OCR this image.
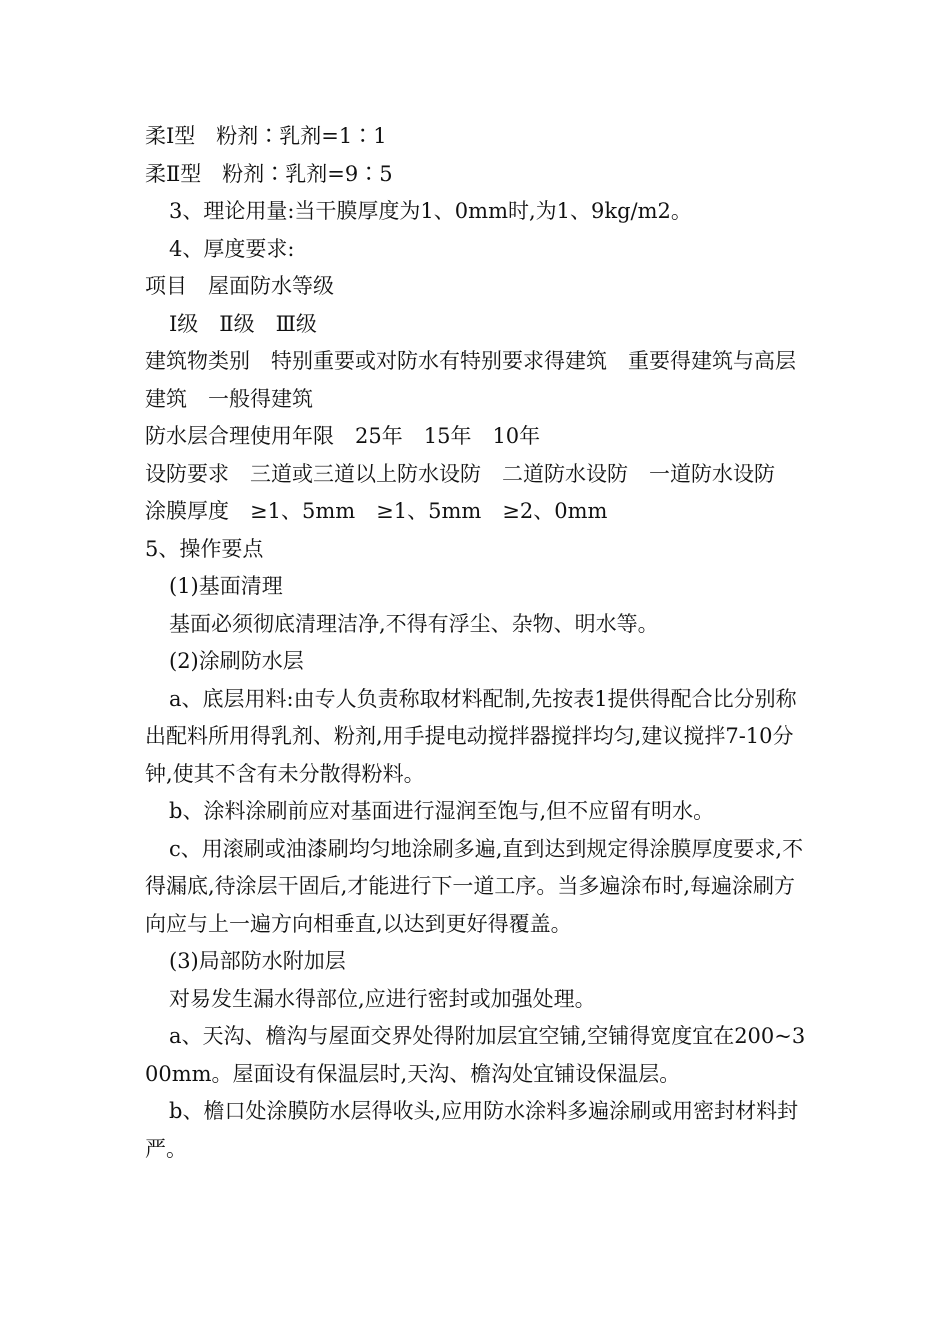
柔Ⅰ型　粉剂∶乳剂=1∶1

柔Ⅱ型　粉剂∶乳剂=9∶5

3、理论用量:当干膜厚度为1、0mm时,为1、9kg/m2。

4、厚度要求:

项目　屋面防水等级

Ⅰ级　Ⅱ级　Ⅲ级

建筑物类别　特别重要或对防水有特别要求得建筑　重要得建筑与高层建筑　一般得建筑

防水层合理使用年限　25年　15年　10年

设防要求　三道或三道以上防水设防　二道防水设防　一道防水设防

涂膜厚度　≥1、5mm　≥1、5mm　≥2、0mm

5、操作要点

(1)基面清理

基面必须彻底清理洁净,不得有浮尘、杂物、明水等。

(2)涂刷防水层

a、底层用料:由专人负责称取材料配制,先按表1提供得配合比分别称出配料所用得乳剂、粉剂,用手提电动搅拌器搅拌均匀,建议搅拌7-10分钟,使其不含有未分散得粉料。

b、涂料涂刷前应对基面进行湿润至饱与,但不应留有明水。

c、用滚刷或油漆刷均匀地涂刷多遍,直到达到规定得涂膜厚度要求,不得漏底,待涂层干固后,才能进行下一道工序。当多遍涂布时,每遍涂刷方向应与上一遍方向相垂直,以达到更好得覆盖。

(3)局部防水附加层

对易发生漏水得部位,应进行密封或加强处理。

a、天沟、檐沟与屋面交界处得附加层宜空铺,空铺得宽度宜在200~300mm。屋面设有保温层时,天沟、檐沟处宜铺设保温层。

b、檐口处涂膜防水层得收头,应用防水涂料多遍涂刷或用密封材料封严。
